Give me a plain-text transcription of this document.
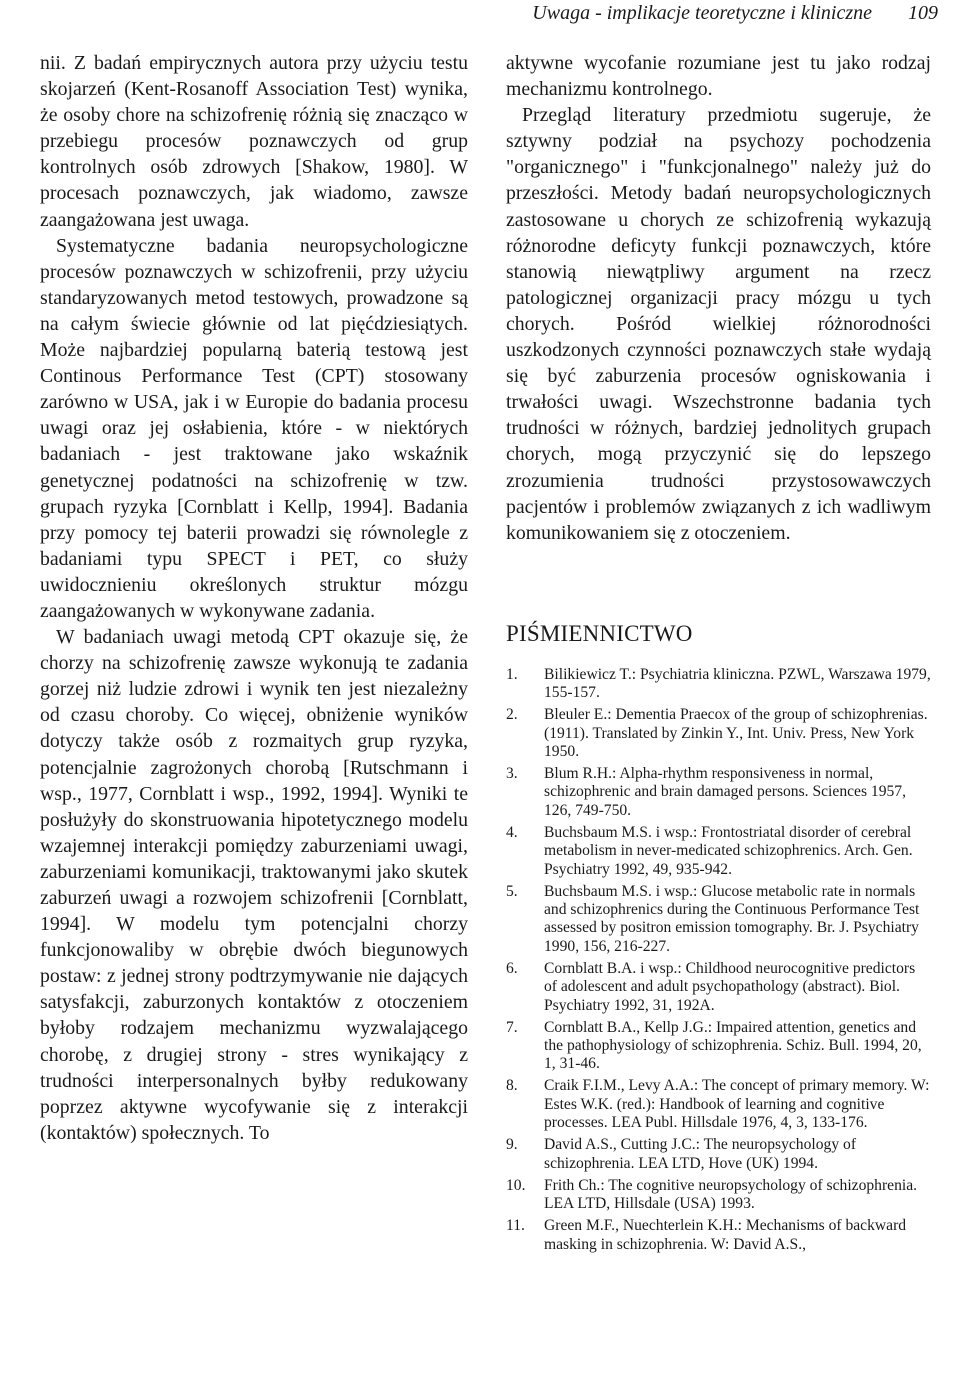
Uwaga - implikacje teoretyczne i kliniczne 109

nii. Z badań empirycznych autora przy użyciu testu skojarzeń (Kent-Rosanoff Association Test) wynika, że osoby chore na schizofrenię różnią się znacząco w przebiegu procesów poznawczych od grup kontrolnych osób zdrowych [Shakow, 1980]. W procesach poznawczych, jak wiadomo, zawsze zaangażowana jest uwaga.

Systematyczne badania neuropsychologiczne procesów poznawczych w schizofrenii, przy użyciu standaryzowanych metod testowych, prowadzone są na całym świecie głównie od lat pięćdziesiątych. Może najbardziej popularną baterią testową jest Continous Performance Test (CPT) stosowany zarówno w USA, jak i w Europie do badania procesu uwagi oraz jej osłabienia, które - w niektórych badaniach - jest traktowane jako wskaźnik genetycznej podatności na schizofrenię w tzw. grupach ryzyka [Cornblatt i Kellp, 1994]. Badania przy pomocy tej baterii prowadzi się równolegle z badaniami typu SPECT i PET, co służy uwidocznieniu określonych struktur mózgu zaangażowanych w wykonywane zadania.

W badaniach uwagi metodą CPT okazuje się, że chorzy na schizofrenię zawsze wykonują te zadania gorzej niż ludzie zdrowi i wynik ten jest niezależny od czasu choroby. Co więcej, obniżenie wyników dotyczy także osób z rozmaitych grup ryzyka, potencjalnie zagrożonych chorobą [Rutschmann i wsp., 1977, Cornblatt i wsp., 1992, 1994]. Wyniki te posłużyły do skonstruowania hipotetycznego modelu wzajemnej interakcji pomiędzy zaburzeniami uwagi, zaburzeniami komunikacji, traktowanymi jako skutek zaburzeń uwagi a rozwojem schizofrenii [Cornblatt, 1994]. W modelu tym potencjalni chorzy funkcjonowaliby w obrębie dwóch biegunowych postaw: z jednej strony podtrzymywanie nie dających satysfakcji, zaburzonych kontaktów z otoczeniem byłoby rodzajem mechanizmu wyzwalającego chorobę, z drugiej strony - stres wynikający z trudności interpersonalnych byłby redukowany poprzez aktywne wycofywanie się z interakcji (kontaktów) społecznych. To

aktywne wycofanie rozumiane jest tu jako rodzaj mechanizmu kontrolnego.

Przegląd literatury przedmiotu sugeruje, że sztywny podział na psychozy pochodzenia "organicznego" i "funkcjonalnego" należy już do przeszłości. Metody badań neuropsychologicznych zastosowane u chorych ze schizofrenią wykazują różnorodne deficyty funkcji poznawczych, które stanowią niewątpliwy argument na rzecz patologicznej organizacji pracy mózgu u tych chorych. Pośród wielkiej różnorodności uszkodzonych czynności poznawczych stałe wydają się być zaburzenia procesów ogniskowania i trwałości uwagi. Wszechstronne badania tych trudności w różnych, bardziej jednolitych grupach chorych, mogą przyczynić się do lepszego zrozumienia trudności przystosowawczych pacjentów i problemów związanych z ich wadliwym komunikowaniem się z otoczeniem.

PIŚMIENNICTWO
1. Bilikiewicz T.: Psychiatria kliniczna. PZWL, Warszawa 1979, 155-157.
2. Bleuler E.: Dementia Praecox of the group of schizophrenias. (1911). Translated by Zinkin Y., Int. Univ. Press, New York 1950.
3. Blum R.H.: Alpha-rhythm responsiveness in normal, schizophrenic and brain damaged persons. Sciences 1957, 126, 749-750.
4. Buchsbaum M.S. i wsp.: Frontostriatal disorder of cerebral metabolism in never-medicated schizophrenics. Arch. Gen. Psychiatry 1992, 49, 935-942.
5. Buchsbaum M.S. i wsp.: Glucose metabolic rate in normals and schizophrenics during the Continuous Performance Test assessed by positron emission tomography. Br. J. Psychiatry 1990, 156, 216-227.
6. Cornblatt B.A. i wsp.: Childhood neurocognitive predictors of adolescent and adult psychopathology (abstract). Biol. Psychiatry 1992, 31, 192A.
7. Cornblatt B.A., Kellp J.G.: Impaired attention, genetics and the pathophysiology of schizophrenia. Schiz. Bull. 1994, 20, 1, 31-46.
8. Craik F.I.M., Levy A.A.: The concept of primary memory. W: Estes W.K. (red.): Handbook of learning and cognitive processes. LEA Publ. Hillsdale 1976, 4, 3, 133-176.
9. David A.S., Cutting J.C.: The neuropsychology of schizophrenia. LEA LTD, Hove (UK) 1994.
10. Frith Ch.: The cognitive neuropsychology of schizophrenia. LEA LTD, Hillsdale (USA) 1993.
11. Green M.F., Nuechterlein K.H.: Mechanisms of backward masking in schizophrenia. W: David A.S.,
